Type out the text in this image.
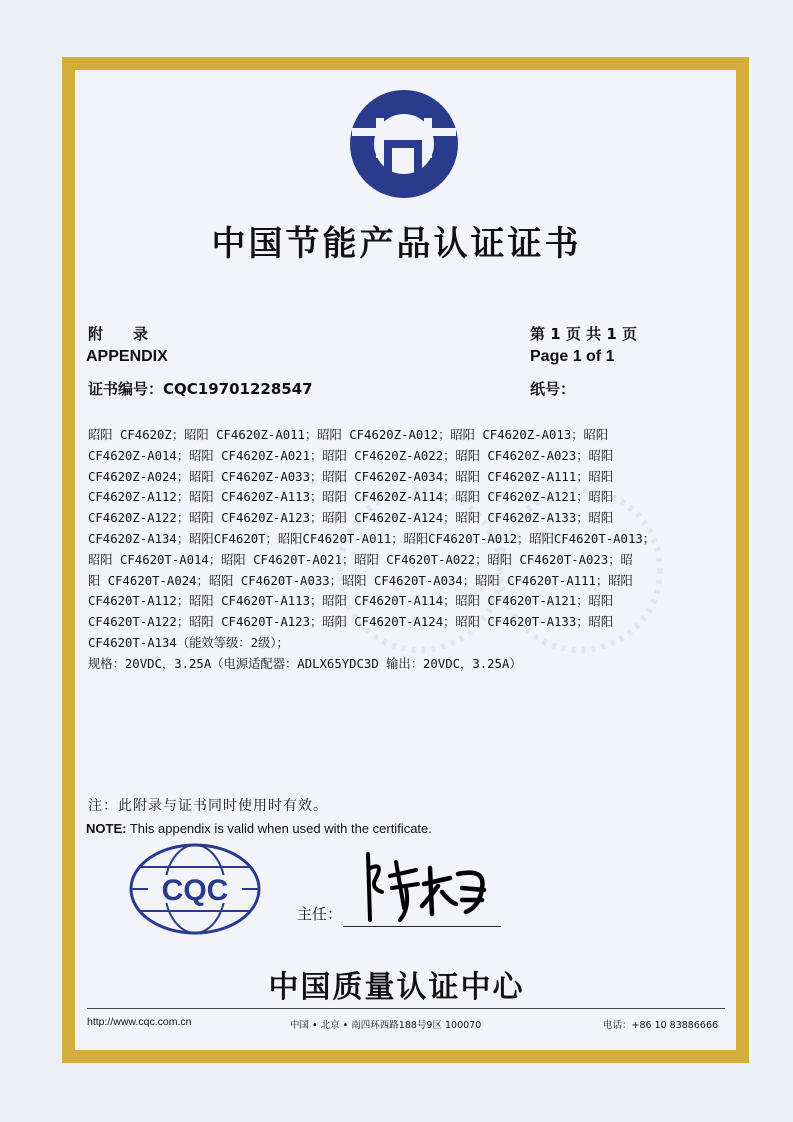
中国节能产品认证证书
附　　录
APPENDIX
证书编号：CQC19701228547
第 1 页 共 1 页
Page 1 of 1
纸号：
昭阳 CF4620Z；昭阳 CF4620Z-A011；昭阳 CF4620Z-A012；昭阳 CF4620Z-A013；昭阳
CF4620Z-A014；昭阳 CF4620Z-A021；昭阳 CF4620Z-A022；昭阳 CF4620Z-A023；昭阳
CF4620Z-A024；昭阳 CF4620Z-A033；昭阳 CF4620Z-A034；昭阳 CF4620Z-A111；昭阳
CF4620Z-A112；昭阳 CF4620Z-A113；昭阳 CF4620Z-A114；昭阳 CF4620Z-A121；昭阳
CF4620Z-A122；昭阳 CF4620Z-A123；昭阳 CF4620Z-A124；昭阳 CF4620Z-A133；昭阳
CF4620Z-A134；昭阳CF4620T；昭阳CF4620T-A011；昭阳CF4620T-A012；昭阳CF4620T-A013；
昭阳 CF4620T-A014；昭阳 CF4620T-A021；昭阳 CF4620T-A022；昭阳 CF4620T-A023；昭
阳 CF4620T-A024；昭阳 CF4620T-A033；昭阳 CF4620T-A034；昭阳 CF4620T-A111；昭阳
CF4620T-A112；昭阳 CF4620T-A113；昭阳 CF4620T-A114；昭阳 CF4620T-A121；昭阳
CF4620T-A122；昭阳 CF4620T-A123；昭阳 CF4620T-A124；昭阳 CF4620T-A133；昭阳
CF4620T-A134（能效等级：2级）；
规格：20VDC，3.25A（电源适配器：ADLX65YDC3D 输出：20VDC，3.25A）
注：此附录与证书同时使用时有效。
NOTE: This appendix is valid when used with the certificate.
CQC
主任：
中国质量认证中心
http://www.cqc.com.cn	中国 • 北京 • 南四环西路188号9区 100070	电话：+86 10 83886666
